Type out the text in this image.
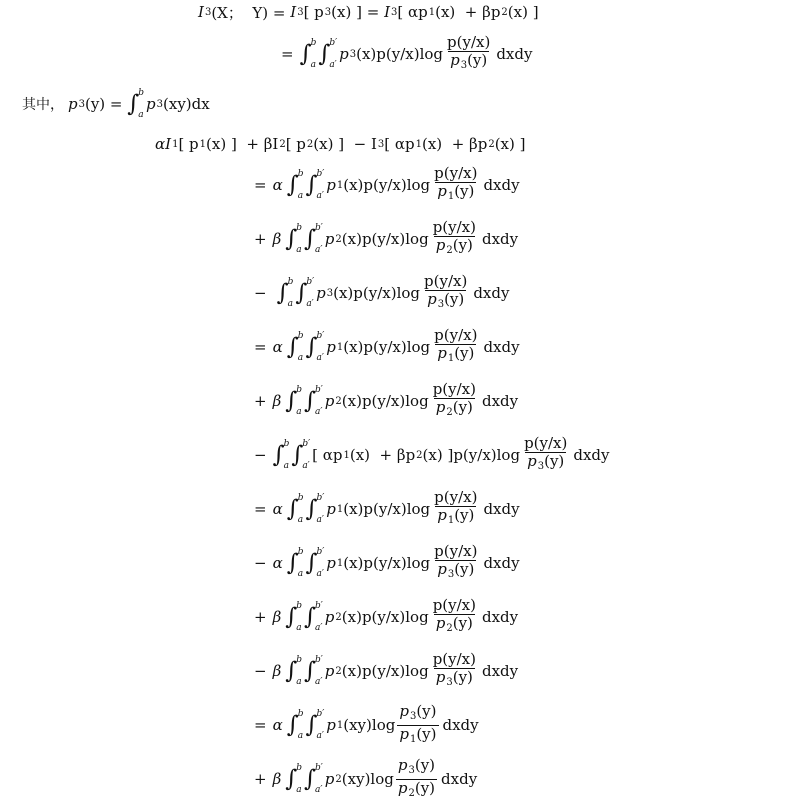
I 3 (X；  Y) = I 3 [ p 3 (x) ] = I 3 [ αp 1 (x)  + βp 2 (x) ]
= ∫ b
a ∫ b′
a′
p 3 (x)p(y/x) $\log \frac{p(y/x)}{p_3(y)}$ dxdy
其中， p 3 (y) = ∫ b
a
p 3 (xy)dx
αI 1 [ p 1 (x) ]  + βI 2 [ p 2 (x) ]  − I 3 [ αp 1 (x)  + βp 2 (x) ]
= α ∫ b
a ∫ b′
a′
p 1 (x)p(y/x) $\log \frac{p(y/x)}{p_1(y)}$ dxdy
+ β ∫ b
a ∫ b′
a′
p 2 (x)p(y/x) $\log \frac{p(y/x)}{p_2(y)}$ dxdy
− ∫ b
a ∫ b′
a′
p 3 (x)p(y/x) $\log \frac{p(y/x)}{p_3(y)}$ dxdy
= α ∫ b
a ∫ b′
a′
p 1 (x)p(y/x) $\log \frac{p(y/x)}{p_1(y)}$ dxdy
+ β ∫ b
a ∫ b′
a′
p 2 (x)p(y/x) $\log \frac{p(y/x)}{p_2(y)}$ dxdy
− ∫ b
a ∫ b′
a′
[ αp 1 (x)  + βp 2 (x) ]p(y/x) $\log \frac{p(y/x)}{p_3(y)}$ dxdy
= α ∫ b
a ∫ b′
a′
p 1 (x)p(y/x) $\log \frac{p(y/x)}{p_1(y)}$ dxdy
− α ∫ b
a ∫ b′
a′
p 1 (x)p(y/x) $\log \frac{p(y/x)}{p_3(y)}$ dxdy
+ β ∫ b
a ∫ b′
a′
p 2 (x)p(y/x) $\log \frac{p(y/x)}{p_2(y)}$ dxdy
− β ∫ b
a ∫ b′
a′
p 2 (x)p(y/x) $\log \frac{p(y/x)}{p_3(y)}$ dxdy
= α ∫ b
a ∫ b′
a′
p 1 (xy) $\log \frac{p_3(y)}{p_1(y)}$ dxdy
+ β ∫ b
a ∫ b′
a′
p 2 (xy) $\log \frac{p_3(y)}{p_2(y)}$ dxdy
